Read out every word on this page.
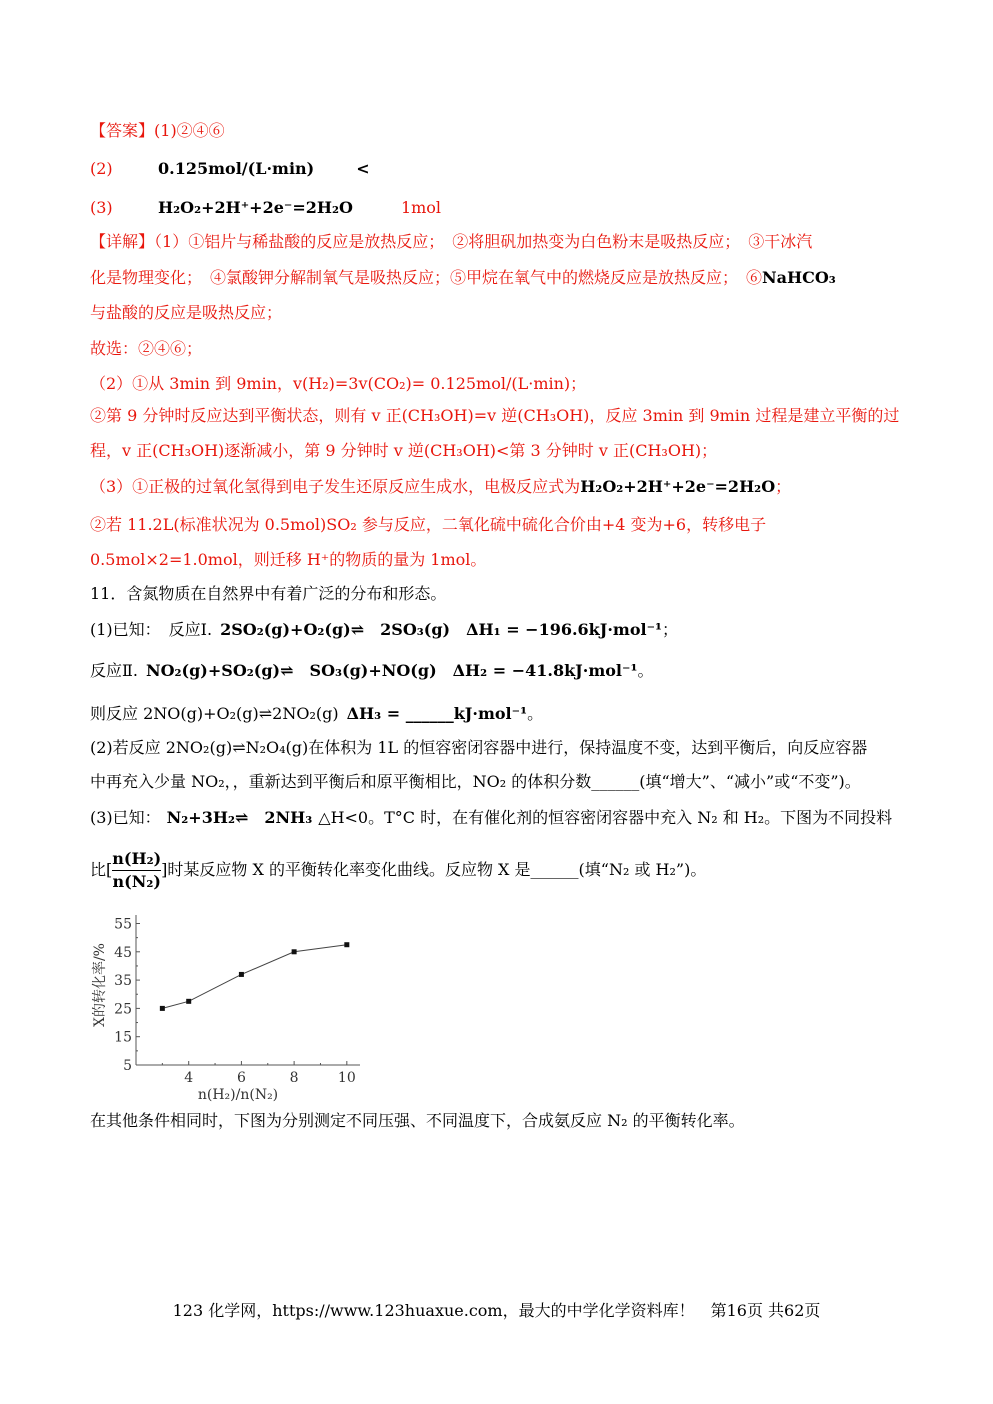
【答案】(1)②④⑥
(2)	0.125mol/(L·min)	<
(3)	H₂O₂+2H⁺+2e⁻=2H₂O	1mol
【详解】（1）①铝片与稀盐酸的反应是放热反应；　②将胆矾加热变为白色粉末是吸热反应；　③干冰汽
化是物理变化；　④氯酸钾分解制氧气是吸热反应；⑤甲烷在氧气中的燃烧反应是放热反应；　⑥NaHCO₃
与盐酸的反应是吸热反应；
故选：②④⑥；
（2）①从 3min 到 9min，v(H₂)=3v(CO₂)= 0.125mol/(L·min)；
②第 9 分钟时反应达到平衡状态，则有 v 正(CH₃OH)=v 逆(CH₃OH)，反应 3min 到 9min 过程是建立平衡的过
程，v 正(CH₃OH)逐渐减小，第 9 分钟时 v 逆(CH₃OH)<第 3 分钟时 v 正(CH₃OH)；
（3）①正极的过氧化氢得到电子发生还原反应生成水，电极反应式为H₂O₂+2H⁺+2e⁻=2H₂O；
②若 11.2L(标准状况为 0.5mol)SO₂ 参与反应，二氧化硫中硫化合价由+4 变为+6，转移电子
0.5mol×2=1.0mol，则迁移 H⁺的物质的量为 1mol。
11．含氮物质在自然界中有着广泛的分布和形态。
(1)已知：　反应Ⅰ. 2SO₂(g)+O₂(g)⇌　2SO₃(g)　ΔH₁ = −196.6kJ·mol⁻¹；
反应Ⅱ. NO₂(g)+SO₂(g)⇌　SO₃(g)+NO(g)　ΔH₂ = −41.8kJ·mol⁻¹。
则反应 2NO(g)+O₂(g)⇌2NO₂(g) ΔH₃ = ______kJ·mol⁻¹。
(2)若反应 2NO₂(g)⇌N₂O₄(g)在体积为 1L 的恒容密闭容器中进行，保持温度不变，达到平衡后，向反应容器
中再充入少量 NO₂，，重新达到平衡后和原平衡相比，NO₂ 的体积分数______(填“增大”、“减小”或“不变”)。
(3)已知： N₂+3H₂⇌　2NH₃ △H<0。T°C 时，在有催化剂的恒容密闭容器中充入 N₂ 和 H₂。下图为不同投料
比[ $\frac{\text{n(H₂)}}{\text{n(N₂)}}$ ]时某反应物 X 的平衡转化率变化曲线。反应物 X 是______(填“N₂ 或 H₂”)。
5
15
25
35
45
55
4	6	8	10
X的转化率/%
n(H₂)/n(N₂)
在其他条件相同时，下图为分别测定不同压强、不同温度下，合成氨反应 N₂ 的平衡转化率。
123 化学网，https://www.123huaxue.com，最大的中学化学资料库！　第16页 共62页
